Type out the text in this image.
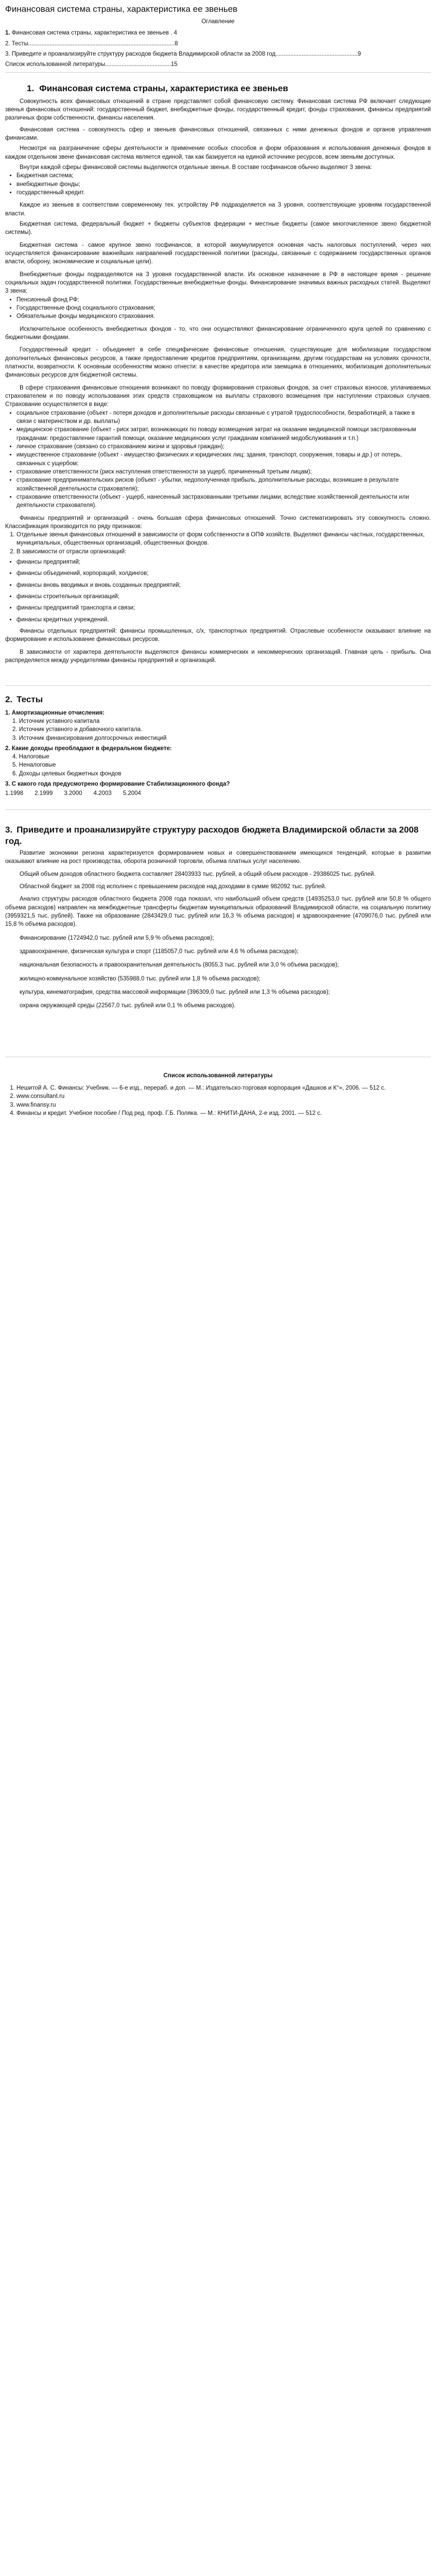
Финансовая система страны, характеристика ее звеньев
Оглавление
1. Финансовая система страны, характеристика ее звеньев . 4
2. Тесты.........................................................................................8
3. Приведите и проанализируйте структуру расходов бюджета Владимирской области за 2008 год..................................................9
Список использованной литературы........................................15
1. Финансовая система страны, характеристика ее звеньев

Совокупность всех финансовых отношений в стране представляет собой финансовую систему. Финансовая система РФ включает следующие звенья финансовых отношений: государственный бюджет, внебюджетные фонды, государственный кредит, фонды страхования, финансы предприятий различных форм собственности, финансы населения.

Финансовая система - совокупность сфер и звеньев финансовых отношений, связанных с ними денежных фондов и органов управления финансами.

Несмотря на разграничение сферы деятельности и применение особых способов и форм образования и использования денежных фондов в каждом отдельном звене финансовая система является единой, так как базируется на единой источнике ресурсов, всем звеньям доступных.

Внутри каждой сферы финансовой системы выделяются отдельные звенья. В составе госфинансов обычно выделяют 3 звена:

• Бюджетная система;
• внебюджетные фонды;
• государственный кредит.

Каждое из звеньев в соответствии современному тех. устройству РФ подразделяется на 3 уровня, соответствующие уровням государственной власти.

Бюджетная система, федеральный бюджет + бюджеты субъектов федерации + местные бюджеты (самое многочисленное звено бюджетной системы).

Бюджетная система - самое крупное звено госфинансов, в которой аккумулируется основная часть налоговых поступлений, через них осуществляется финансирование важнейших направлений государственной политики (расходы, связанные с содержанием государственных органов власти, оборону, экономические и социальные цели).

Внебюджетные фонды подразделяются на 3 уровня государственной власти. Их основное назначение в РФ в настоящее время - решение социальных задач государственной политики. Государственные внебюджетные фонды. Финансирование значимых важных расходных статей. Выделяют 3 звена:

• Пенсионный фонд РФ;
• Государственные фонд социального страхования;
• Обязательные фонды медицинского страхования.

Исключительное особенность внебюджетных фондов - то, что они осуществляют финансирование ограниченного круга целей по сравнению с бюджетными фондами.

Государственный кредит - объединяет в себе специфические финансовые отношения, существующие для мобилизации государством дополнительных финансовых ресурсов, а также предоставление кредитов предприятиям, организациям, другим государствам на условиях срочности, платности, возвратности. К основным особенностям можно отнести: в качестве кредитора или заемщика в отношениях, мобилизация дополнительных финансовых ресурсов для бюджетной системы.

В сфере страхования финансовые отношения возникают по поводу формирования страховых фондов, за счет страховых взносов, уплачиваемых страхователем и по поводу использования этих средств страховщиком на выплаты страхового возмещения при наступлении страховых случаев. Страхование осуществляется в виде:

• социальное страхование (объект - потеря доходов и дополнительные расходы связанные с утратой трудоспособности, безработицей, а также в связи с материнством и др. выплаты)
• медицинское страхование (объект - риск затрат, возникающих по поводу возмещения затрат на оказание медицинской помощи застрахованным гражданам: предоставление гарантий помощи, оказание медицинских услуг гражданам компанией медобслуживания и т.п.)
• личное страхование (связано со страхованием жизни и здоровья граждан);
• имущественное страхование (объект - имущество физических и юридических лиц: здания, транспорт, сооружения, товары и др.) от потерь, связанных с ущербом;
• страхование ответственности (риск наступления ответственности за ущерб, причиненный третьим лицам);
• страхование предпринимательских рисков (объект - убытки, недополученная прибыль, дополнительные расходы, возникшие в результате хозяйственной деятельности страхователя);
• страхование ответственности (объект - ущерб, нанесенный застрахованными третьими лицами, вследствие хозяйственной деятельности или деятельности страхователя).

Финансы предприятий и организаций - очень большая сфера финансовых отношений. Точно систематизировать эту совокупность сложно. Классификация производится по ряду признаков:

1. Отдельные звенья финансовых отношений в зависимости от форм собственности в ОПФ хозяйств. Выделяют финансы частных, государственных, муниципальных, общественных организаций, общественных фондов.
2. В зависимости от отрасли организаций:
• финансы предприятий;
• финансы объединений, корпораций, холдингов;
• финансы вновь вводимых и вновь созданных предприятий;
• финансы строительных организаций;
• финансы предприятий транспорта и связи;
• финансы кредитных учреждений.

Финансы отдельных предприятий: финансы промышленных, с/х, транспортных предприятий. Отраслевые особенности оказывают влияние на формирование и использование финансовых ресурсов.

В зависимости от характера деятельности выделяются финансы коммерческих и некоммерческих организаций. Главная цель - прибыль. Она распределяется между учредителями финансы предприятий и организаций.

2. Тесты

1. Амортизационные отчисления:

1. Источник уставного капитала
2. Источник уставного и добавочного капитала.
3. Источник финансирования долгосрочных инвестиций

2. Какие доходы преобладают в федеральном бюджете:

4. Налоговые
5. Неналоговые
6. Доходы целевых бюджетных фондов

3. С какого года предусмотрено формирование Стабилизационного фонда?

1.1998	2.1999	3.2000	4.2003	5.2004
3. Приведите и проанализируйте структуру расходов бюджета Владимирской области за 2008 год.

Развитие экономики региона характеризуется формированием новых и совершенствованием имеющихся тенденций, которые в развитии оказывают влияние на рост производства, оборота розничной торговли, объема платных услуг населению.

Общий объем доходов областного бюджета составляет 28403933 тыс. рублей, а общий объем расходов - 29386025 тыс. рублей.

Областной бюджет за 2008 год исполнен с превышением расходов над доходами в сумме 982092 тыс. рублей.

Анализ структуры расходов областного бюджета 2008 года показал, что наибольший объем средств (14935253,0 тыс. рублей или 50,8 % общего объема расходов) направлен на межбюджетные трансферты бюджетам муниципальных образований Владимирской области, на социальную политику (3959321,5 тыс. рублей). Также на образование (2843429,0 тыс. рублей или 16,3 % объема расходов) и здравоохранение (4709076,0 тыс. рублей или 15,8 % объема расходов).

Финансирование (1724942,0 тыс. рублей или 5,9 % объема расходов);

здравоохранение, физическая культура и спорт (1185057,0 тыс. рублей или 4,6 % объема расходов);

национальная безопасность и правоохранительная деятельность (8055,3 тыс. рублей или 3,0 % объема расходов);

жилищно-коммунальное хозяйство (535988,0 тыс. рублей или 1,8 % объема расходов);

культура, кинематография, средства массовой информации (396309,0 тыс. рублей или 1,3 % объема расходов);

охрана окружающей среды (22567,0 тыс. рублей или 0,1 % объема расходов).

Список использованной литературы
1. Нешитой А. С. Финансы: Учебник. — 6-е изд., перераб. и доп. — М.: Издательско-торговая корпорация «Дашков и К°», 2006. — 512 с.
2. www.consultant.ru
3. www.finansy.ru
4. Финансы и кредит. Учебное пособие / Под ред. проф. Г.Б. Поляка. — М.: КНИТИ-ДАНА, 2-е изд. 2001. — 512 с.
